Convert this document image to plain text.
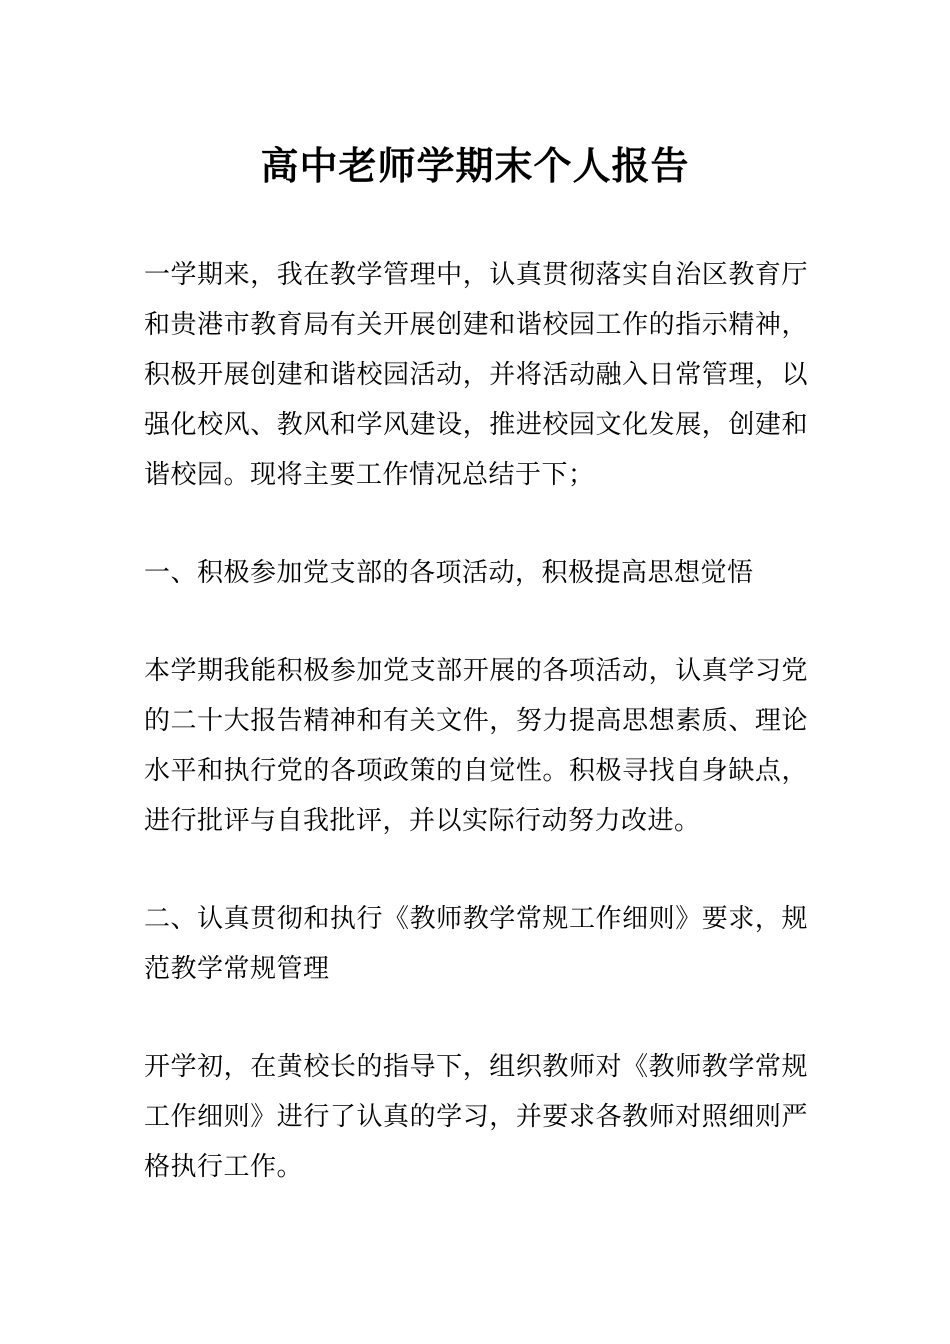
高中老师学期末个人报告

一学期来，我在教学管理中，认真贯彻落实自治区教育厅和贵港市教育局有关开展创建和谐校园工作的指示精神，积极开展创建和谐校园活动，并将活动融入日常管理，以强化校风、教风和学风建设，推进校园文化发展，创建和谐校园。现将主要工作情况总结于下；

一、积极参加党支部的各项活动，积极提高思想觉悟

本学期我能积极参加党支部开展的各项活动，认真学习党的二十大报告精神和有关文件，努力提高思想素质、理论水平和执行党的各项政策的自觉性。积极寻找自身缺点，进行批评与自我批评，并以实际行动努力改进。

二、认真贯彻和执行《教师教学常规工作细则》要求，规范教学常规管理

开学初，在黄校长的指导下，组织教师对《教师教学常规工作细则》进行了认真的学习，并要求各教师对照细则严格执行工作。
